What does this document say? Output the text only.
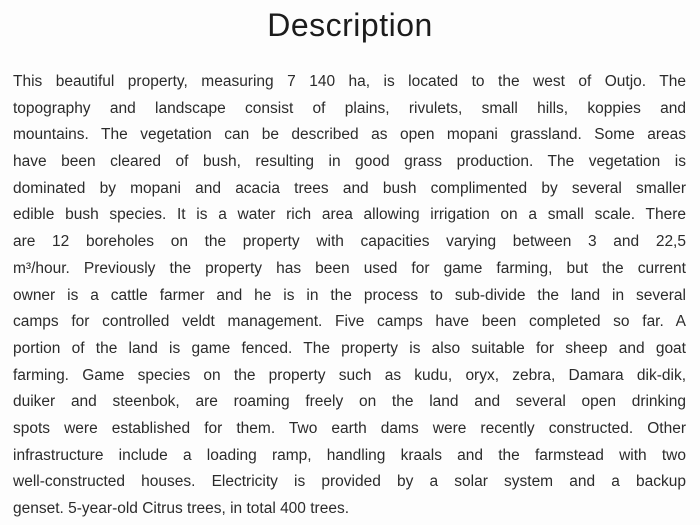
Description
This beautiful property, measuring 7 140 ha, is located to the west of Outjo. The
topography and landscape consist of plains, rivulets, small hills, koppies and
mountains. The vegetation can be described as open mopani grassland. Some areas
have been cleared of bush, resulting in good grass production. The vegetation is
dominated by mopani and acacia trees and bush complimented by several smaller
edible bush species. It is a water rich area allowing irrigation on a small scale. There
are 12 boreholes on the property with capacities varying between 3 and 22,5
m³/hour. Previously the property has been used for game farming, but the current
owner is a cattle farmer and he is in the process to sub-divide the land in several
camps for controlled veldt management. Five camps have been completed so far. A
portion of the land is game fenced. The property is also suitable for sheep and goat
farming. Game species on the property such as kudu, oryx, zebra, Damara dik-dik,
duiker and steenbok, are roaming freely on the land and several open drinking
spots were established for them. Two earth dams were recently constructed. Other
infrastructure include a loading ramp, handling kraals and the farmstead with two
well-constructed houses. Electricity is provided by a solar system and a backup
genset. 5-year-old Citrus trees, in total 400 trees.
